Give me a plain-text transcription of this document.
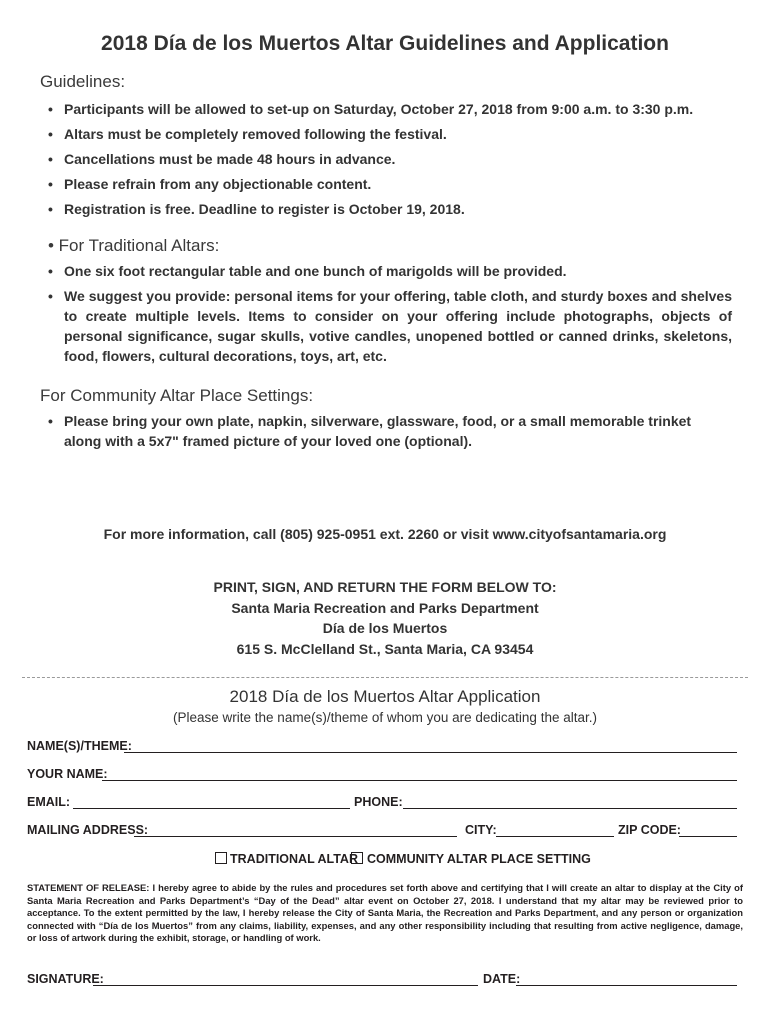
2018 Día de los Muertos Altar Guidelines and Application
Guidelines:
• Participants will be allowed to set-up on Saturday, October 27, 2018 from 9:00 a.m. to 3:30 p.m.
• Altars must be completely removed following the festival.
• Cancellations must be made 48 hours in advance.
• Please refrain from any objectionable content.
• Registration is free. Deadline to register is October 19, 2018.
• For Traditional Altars:
• One six foot rectangular table and one bunch of marigolds will be provided.
• We suggest you provide: personal items for your offering, table cloth, and sturdy boxes and shelves to create multiple levels. Items to consider on your offering include photographs, objects of personal significance, sugar skulls, votive candles, unopened bottled or canned drinks, skeletons, food, flowers, cultural decorations, toys, art, etc.
For Community Altar Place Settings:
• Please bring your own plate, napkin, silverware, glassware, food, or a small memorable trinket along with a 5x7" framed picture of your loved one (optional).
For more information, call (805) 925-0951 ext. 2260 or visit www.cityofsantamaria.org
PRINT, SIGN, AND RETURN THE FORM BELOW TO:
Santa Maria Recreation and Parks Department
Día de los Muertos
615 S. McClelland St., Santa Maria, CA 93454
2018 Día de los Muertos Altar Application
(Please write the name(s)/theme of whom you are dedicating the altar.)
NAME(S)/THEME:
YOUR NAME:
EMAIL:	PHONE:
MAILING ADDRESS:	CITY:	ZIP CODE:
TRADITIONAL ALTAR COMMUNITY ALTAR PLACE SETTING
STATEMENT OF RELEASE: I hereby agree to abide by the rules and procedures set forth above and certifying that I will create an altar to display at the City of Santa Maria Recreation and Parks Department’s “Day of the Dead” altar event on October 27, 2018. I understand that my altar may be reviewed prior to acceptance. To the extent permitted by the law, I hereby release the City of Santa Maria, the Recreation and Parks Department, and any person or organization connected with “Día de los Muertos” from any claims, liability, expenses, and any other responsibility including that resulting from active negligence, damage, or loss of artwork during the exhibit, storage, or handling of work.
SIGNATURE:	DATE:
